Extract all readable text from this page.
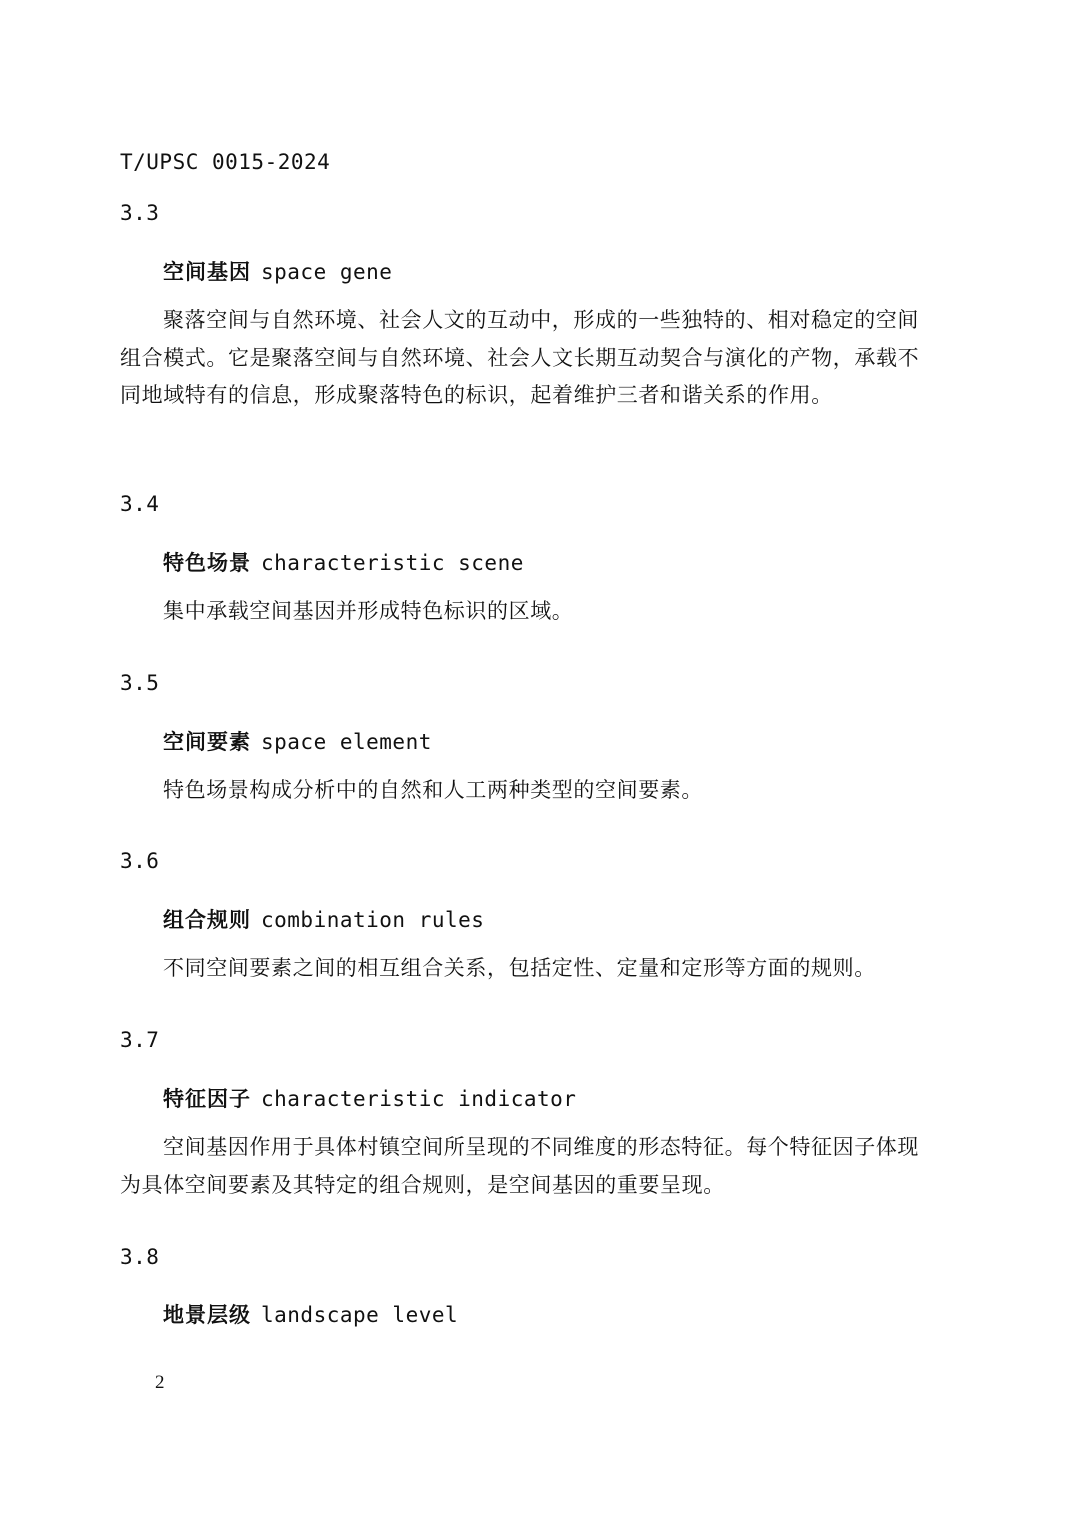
T/UPSC 0015-2024
3.3
空间基因 space gene
聚落空间与自然环境、社会人文的互动中，形成的一些独特的、相对稳定的空间组合模式。它是聚落空间与自然环境、社会人文长期互动契合与演化的产物，承载不同地域特有的信息，形成聚落特色的标识，起着维护三者和谐关系的作用。
3.4
特色场景 characteristic scene
集中承载空间基因并形成特色标识的区域。
3.5
空间要素 space element
特色场景构成分析中的自然和人工两种类型的空间要素。
3.6
组合规则 combination rules
不同空间要素之间的相互组合关系，包括定性、定量和定形等方面的规则。
3.7
特征因子 characteristic indicator
空间基因作用于具体村镇空间所呈现的不同维度的形态特征。每个特征因子体现为具体空间要素及其特定的组合规则，是空间基因的重要呈现。
3.8
地景层级 landscape level
2
